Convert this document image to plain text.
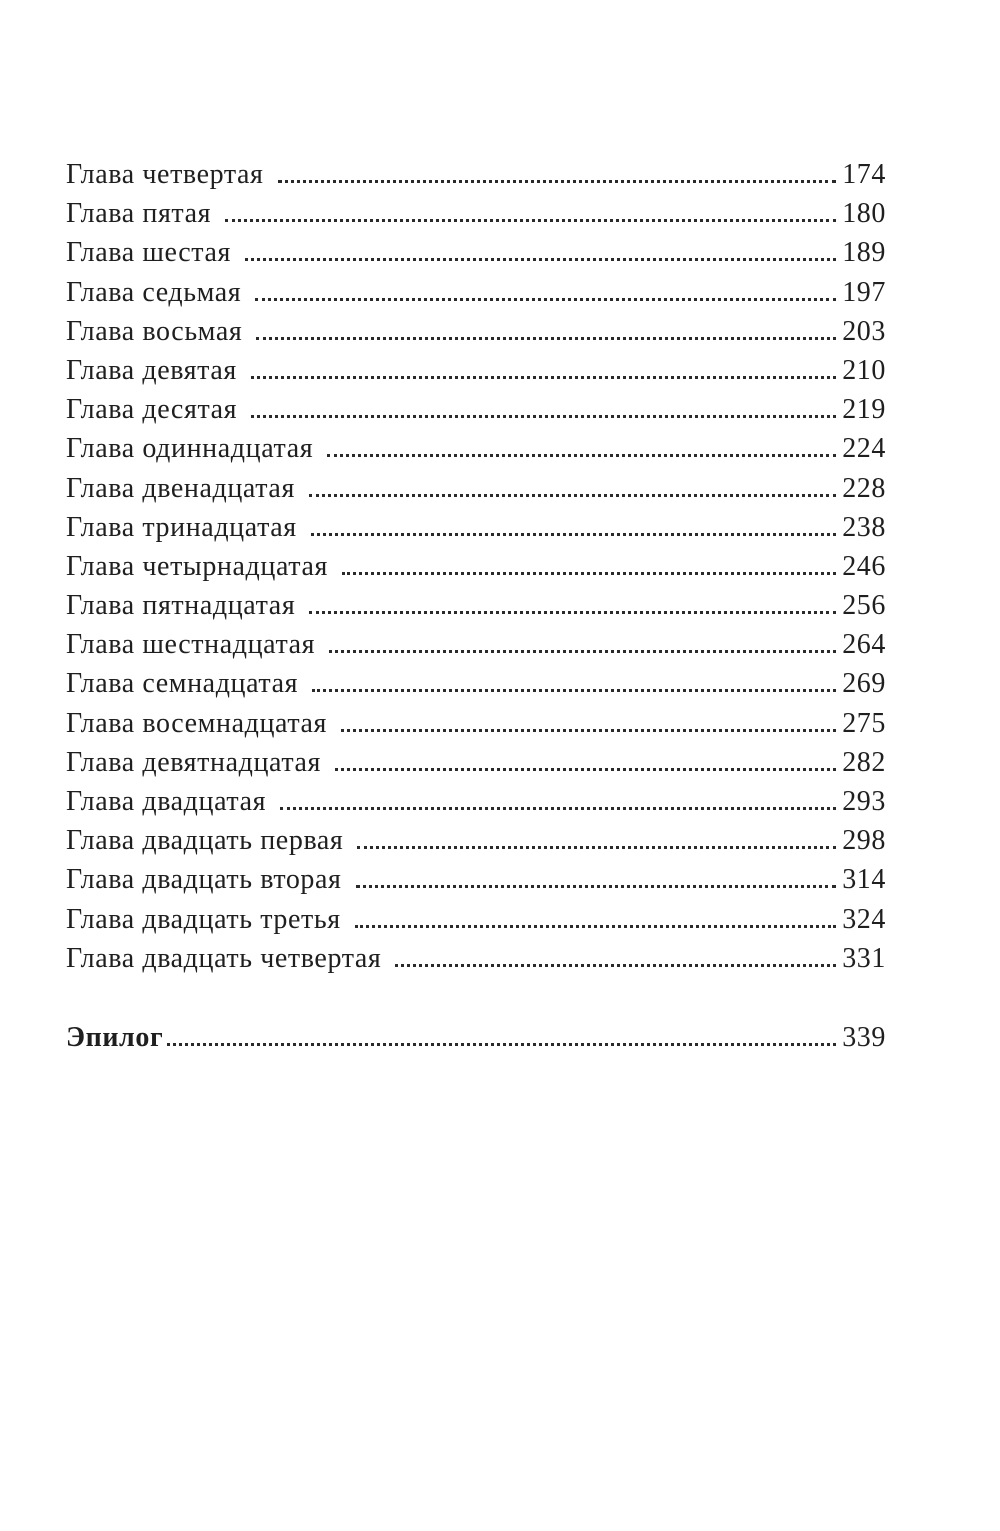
Глава четвертая	174
Глава пятая	180
Глава шестая	189
Глава седьмая	197
Глава восьмая	203
Глава девятая	210
Глава десятая	219
Глава одиннадцатая	224
Глава двенадцатая	228
Глава тринадцатая	238
Глава четырнадцатая	246
Глава пятнадцатая	256
Глава шестнадцатая	264
Глава семнадцатая	269
Глава восемнадцатая	275
Глава девятнадцатая	282
Глава двадцатая	293
Глава двадцать первая	298
Глава двадцать вторая	314
Глава двадцать третья	324
Глава двадцать четвертая	331
Эпилог	339
